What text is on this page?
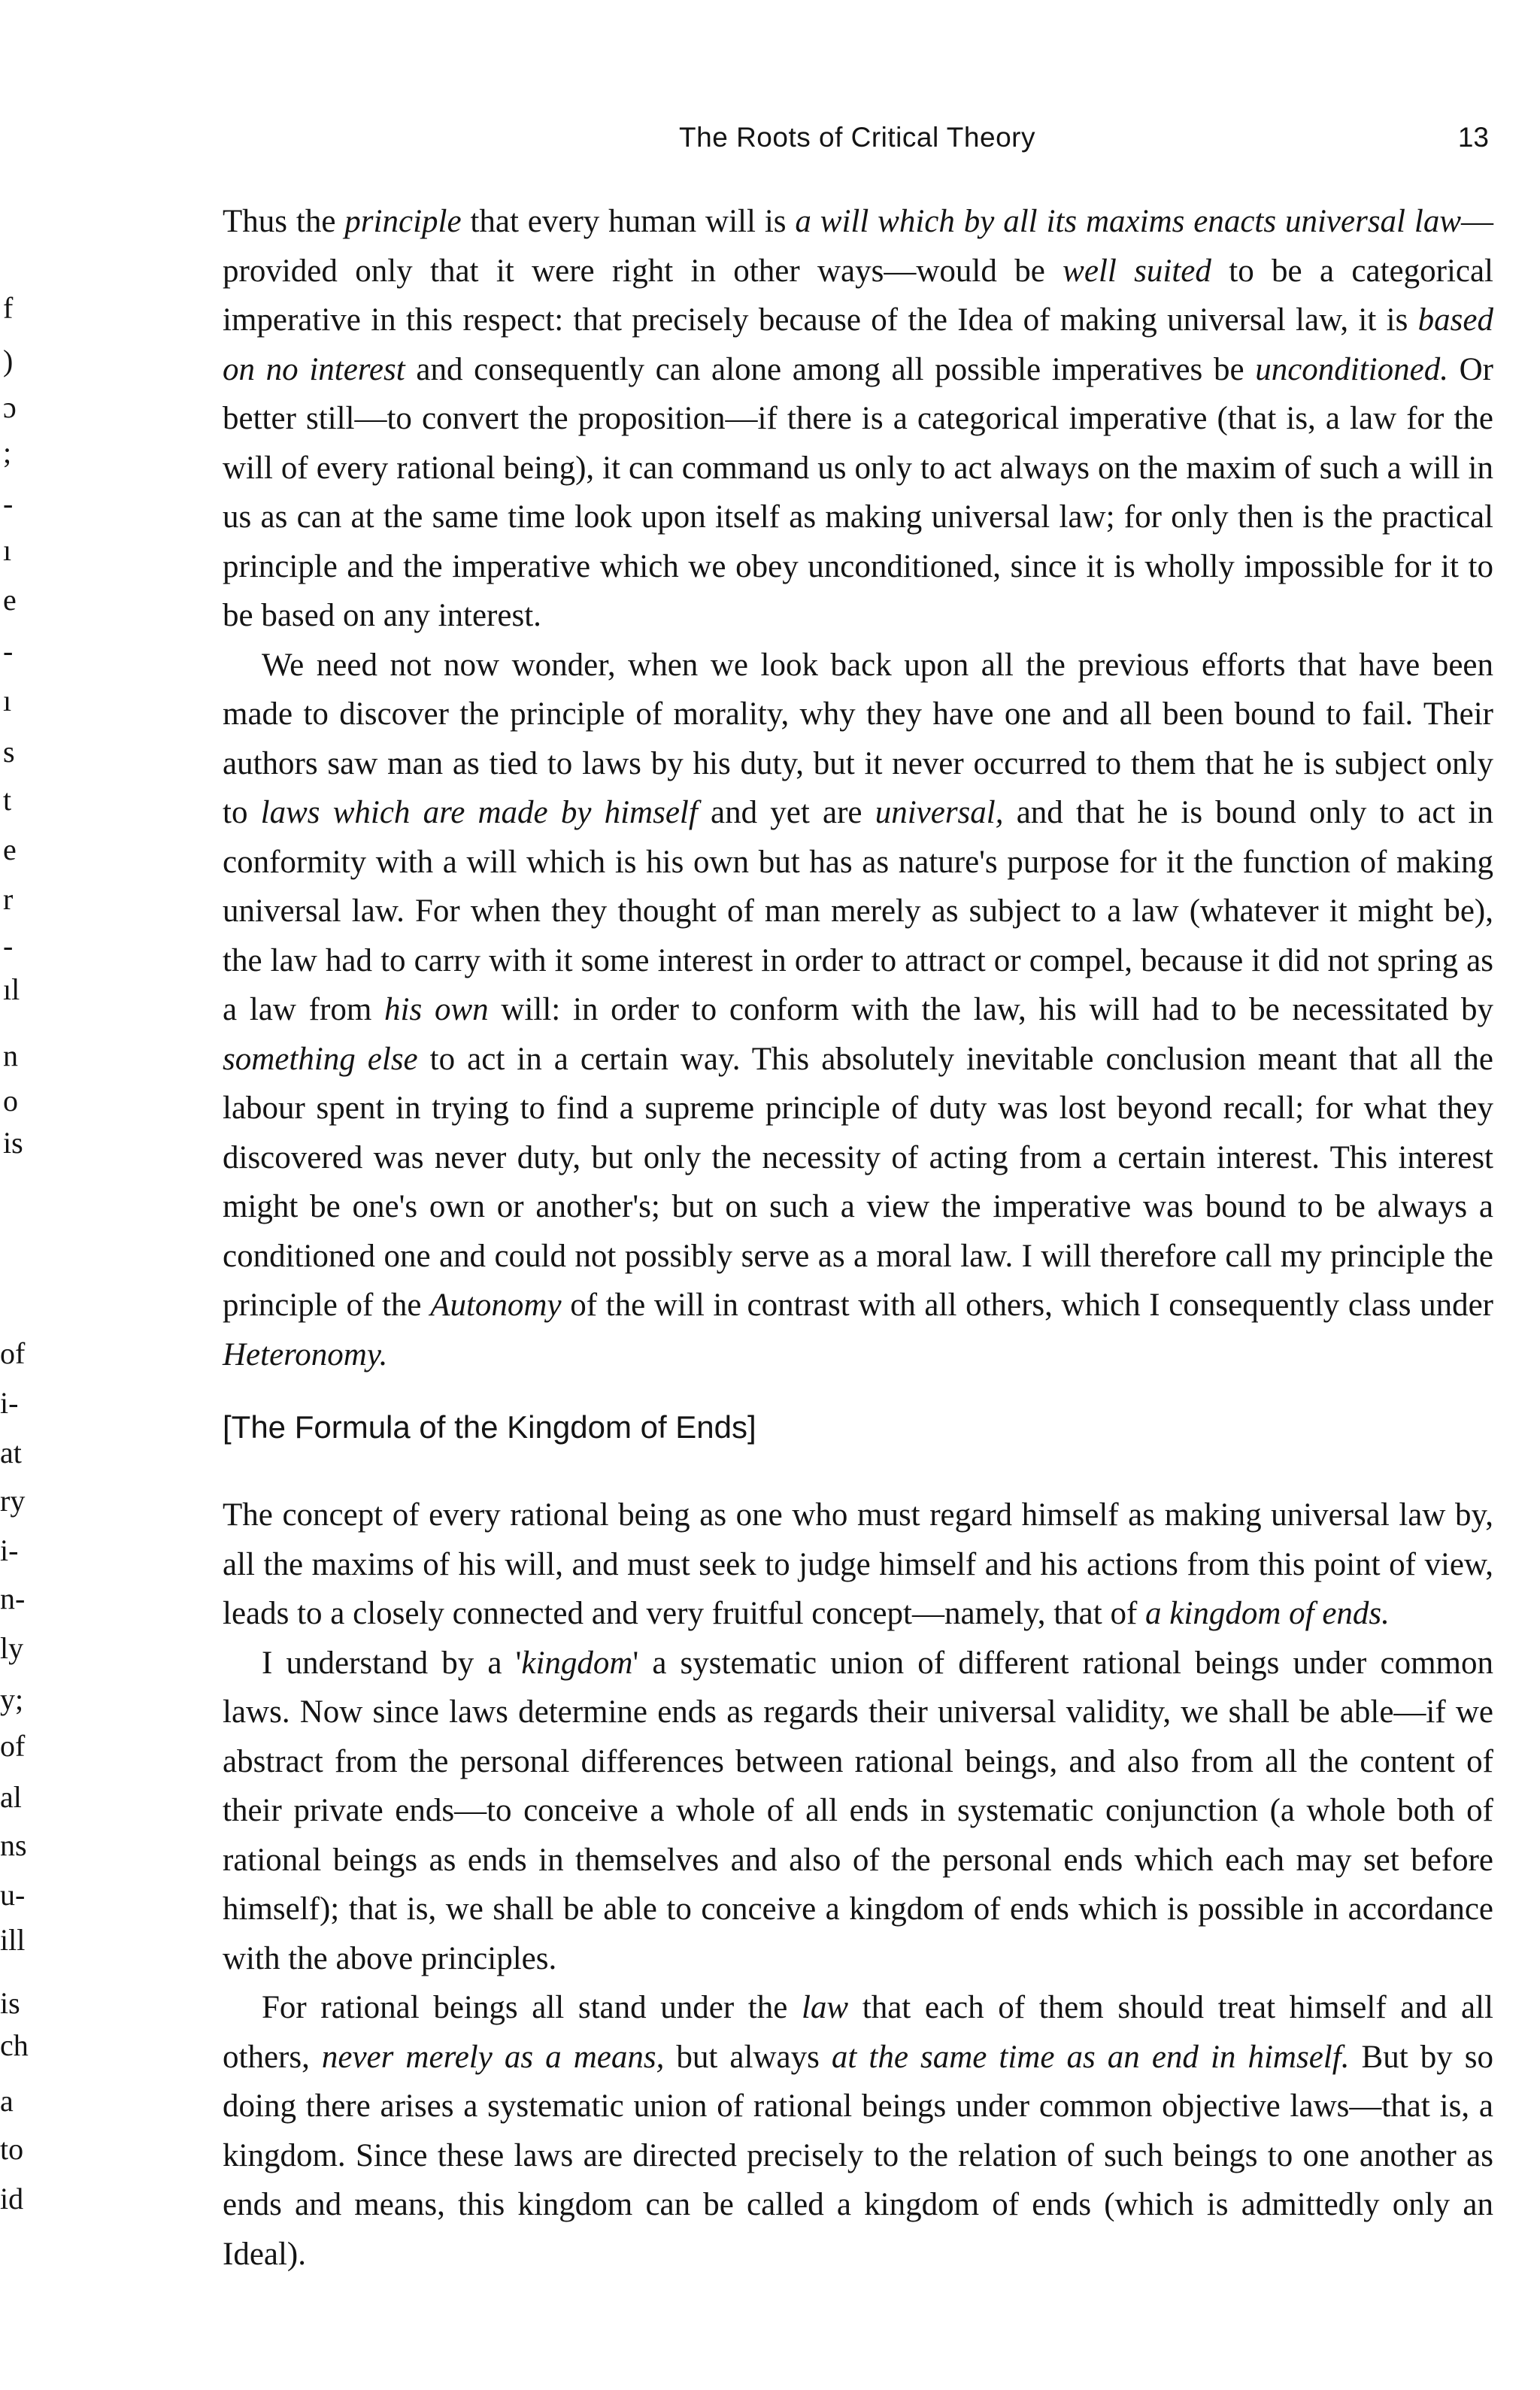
The Roots of Critical Theory	13
f
)
ɔ
;
-
ı
e
-
ı
s
t
e
r
-
ıl
n
o
is
of
i-
at
ry
i-
n-
ly
y;
of
al
ns
u-
ill
is
ch
a
to
id

Thus the principle that every human will is a will which by all its maxims enacts universal law—provided only that it were right in other ways—would be well suited to be a categorical imperative in this respect: that precisely because of the Idea of making universal law, it is based on no interest and consequently can alone among all possible imperatives be unconditioned. Or better still—to convert the proposition—if there is a categorical imperative (that is, a law for the will of every rational being), it can command us only to act always on the maxim of such a will in us as can at the same time look upon itself as making universal law; for only then is the practical principle and the imperative which we obey unconditioned, since it is wholly impossible for it to be based on any interest.

We need not now wonder, when we look back upon all the previous efforts that have been made to discover the principle of morality, why they have one and all been bound to fail. Their authors saw man as tied to laws by his duty, but it never occurred to them that he is subject only to laws which are made by himself and yet are universal, and that he is bound only to act in conformity with a will which is his own but has as nature's purpose for it the function of making universal law. For when they thought of man merely as subject to a law (whatever it might be), the law had to carry with it some interest in order to attract or compel, because it did not spring as a law from his own will: in order to conform with the law, his will had to be necessitated by something else to act in a certain way. This absolutely inevitable conclusion meant that all the labour spent in trying to find a supreme principle of duty was lost beyond recall; for what they discovered was never duty, but only the necessity of acting from a certain interest. This interest might be one's own or another's; but on such a view the imperative was bound to be always a conditioned one and could not possibly serve as a moral law. I will therefore call my principle the principle of the Autonomy of the will in contrast with all others, which I consequently class under Heteronomy.

[The Formula of the Kingdom of Ends]

The concept of every rational being as one who must regard himself as making universal law by, all the maxims of his will, and must seek to judge himself and his actions from this point of view, leads to a closely connected and very fruitful concept—namely, that of a kingdom of ends.

I understand by a 'kingdom' a systematic union of different rational beings under common laws. Now since laws determine ends as regards their universal validity, we shall be able—if we abstract from the personal differences between rational beings, and also from all the content of their private ends—to conceive a whole of all ends in systematic conjunction (a whole both of rational beings as ends in themselves and also of the personal ends which each may set before himself); that is, we shall be able to conceive a kingdom of ends which is possible in accordance with the above principles.

For rational beings all stand under the law that each of them should treat himself and all others, never merely as a means, but always at the same time as an end in himself. But by so doing there arises a systematic union of rational beings under common objective laws—that is, a kingdom. Since these laws are directed precisely to the relation of such beings to one another as ends and means, this kingdom can be called a kingdom of ends (which is admittedly only an Ideal).
